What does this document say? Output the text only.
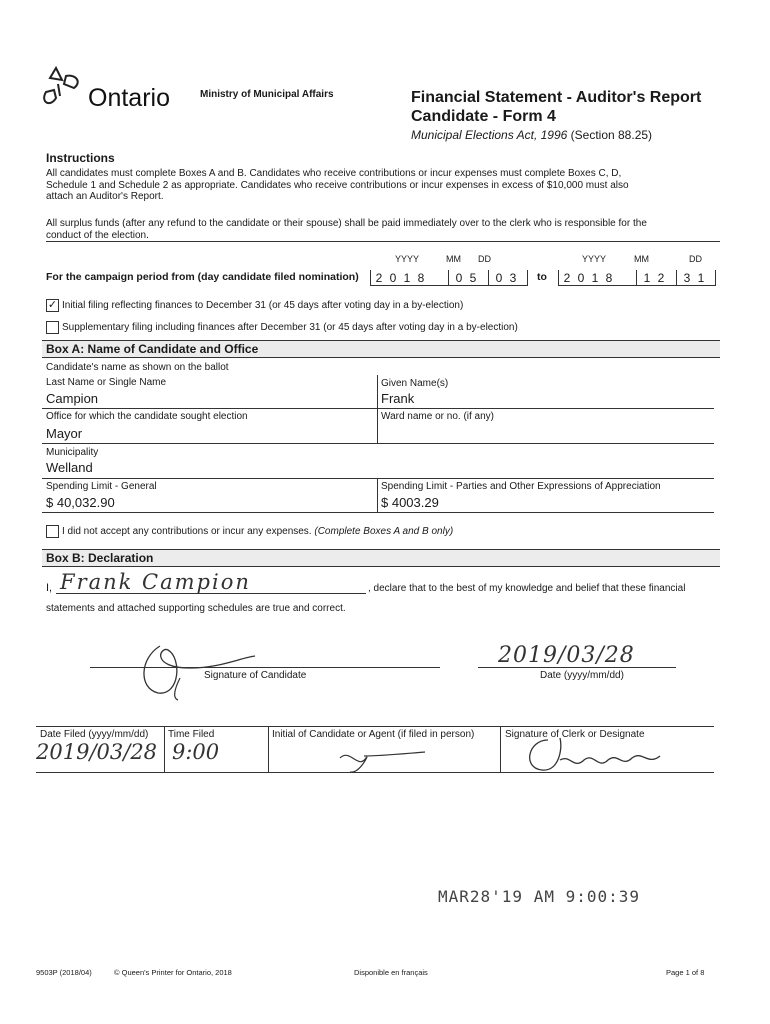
Ontario	Ministry of Municipal Affairs	Financial Statement - Auditor's Report
Candidate - Form 4
Municipal Elections Act, 1996 (Section 88.25)
Instructions
All candidates must complete Boxes A and B. Candidates who receive contributions or incur expenses must complete Boxes C, D,
Schedule 1 and Schedule 2 as appropriate. Candidates who receive contributions or incur expenses in excess of $10,000 must also
attach an Auditor's Report.
All surplus funds (after any refund to the candidate or their spouse) shall be paid immediately over to the clerk who is responsible for the
conduct of the election.
YYYY	MM DD	YYYY	MM	DD
For the campaign period from (day candidate filed nomination)	2 0 1 8	0 5	0 3	to	2 0 1 8	1 2	3 1
✓ Initial filing reflecting finances to December 31 (or 45 days after voting day in a by-election)
Supplementary filing including finances after December 31 (or 45 days after voting day in a by-election)
Box A: Name of Candidate and Office
Candidate's name as shown on the ballot
Last Name or Single Name
Campion
Given Name(s)
Frank
Office for which the candidate sought election
Mayor
Ward name or no. (if any)
Municipality
Welland
Spending Limit - General
$ 40,032.90
Spending Limit - Parties and Other Expressions of Appreciation
$ 4003.29
I did not accept any contributions or incur any expenses. (Complete Boxes A and B only)
Box B: Declaration
I, Frank Campion	, declare that to the best of my knowledge and belief that these financial
statements and attached supporting schedules are true and correct.
Signature of Candidate
2019/03/28
Date (yyyy/mm/dd)
Date Filed (yyyy/mm/dd)
2019/03/28
Time Filed
9:00
Initial of Candidate or Agent (if filed in person)	Signature of Clerk or Designate
MAR28'19 AM 9:00:39
9503P (2018/04)	© Queen's Printer for Ontario, 2018	Disponible en français	Page 1 of 8
